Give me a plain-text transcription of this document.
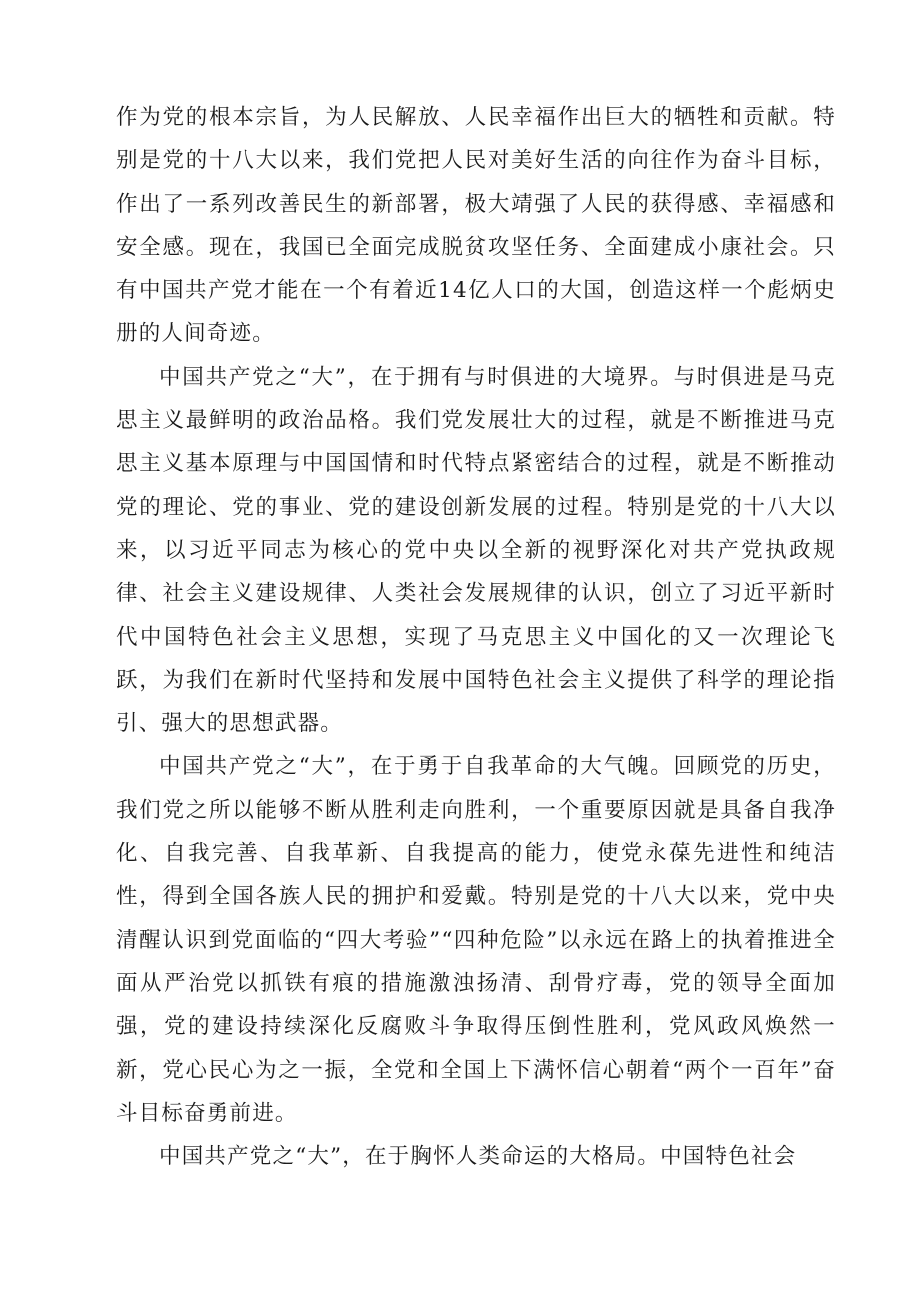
作为党的根本宗旨，为人民解放、人民幸福作出巨大的牺牲和贡献。特别是党的十八大以来，我们党把人民对美好生活的向往作为奋斗目标，作出了一系列改善民生的新部署，极大靖强了人民的获得感、幸福感和安全感。现在，我国已全面完成脱贫攻坚任务、全面建成小康社会。只有中国共产党才能在一个有着近14亿人口的大国，创造这样一个彪炳史册的人间奇迹。

中国共产党之“大”，在于拥有与时俱进的大境界。与时俱进是马克思主义最鲜明的政治品格。我们党发展壮大的过程，就是不断推进马克思主义基本原理与中国国情和时代特点紧密结合的过程，就是不断推动党的理论、党的事业、党的建设创新发展的过程。特别是党的十八大以来，以习近平同志为核心的党中央以全新的视野深化对共产党执政规律、社会主义建设规律、人类社会发展规律的认识，创立了习近平新时代中国特色社会主义思想，实现了马克思主义中国化的又一次理论飞跃，为我们在新时代坚持和发展中国特色社会主义提供了科学的理论指引、强大的思想武器。

中国共产党之“大”，在于勇于自我革命的大气魄。回顾党的历史，我们党之所以能够不断从胜利走向胜利，一个重要原因就是具备自我净化、自我完善、自我革新、自我提高的能力，使党永葆先进性和纯洁性，得到全国各族人民的拥护和爱戴。特别是党的十八大以来，党中央清醒认识到党面临的“四大考验”“四种危险”以永远在路上的执着推进全面从严治党以抓铁有痕的措施激浊扬清、刮骨疗毒，党的领导全面加强，党的建设持续深化反腐败斗争取得压倒性胜利，党风政风焕然一新，党心民心为之一振，全党和全国上下满怀信心朝着“两个一百年”奋斗目标奋勇前进。

中国共产党之“大”，在于胸怀人类命运的大格局。中国特色社会
